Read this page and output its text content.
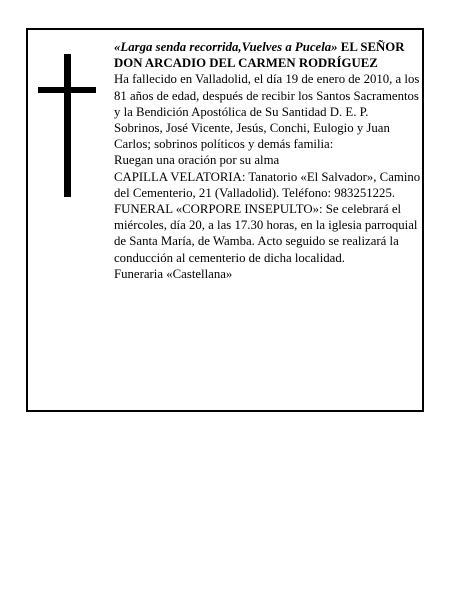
«Larga senda recorrida,Vuelves a Pucela» EL SEÑOR

DON ARCADIO DEL CARMEN RODRÍGUEZ

Ha fallecido en Valladolid, el día 19 de enero de 2010, a los 81 años de edad, después de recibir los Santos Sacramentos y la Bendición Apostólica de Su Santidad D. E. P.

Sobrinos, José Vicente, Jesús, Conchi, Eulogio y Juan Carlos; sobrinos políticos y demás familia:

Ruegan una oración por su alma

CAPILLA VELATORIA: Tanatorio «El Salvador», Camino del Cementerio, 21 (Valladolid). Teléfono: 983251225.

FUNERAL «CORPORE INSEPULTO»: Se celebrará el miércoles, día 20, a las 17.30 horas, en la iglesia parroquial de Santa María, de Wamba. Acto seguido se realizará la conducción al cementerio de dicha localidad.

Funeraria «Castellana»
